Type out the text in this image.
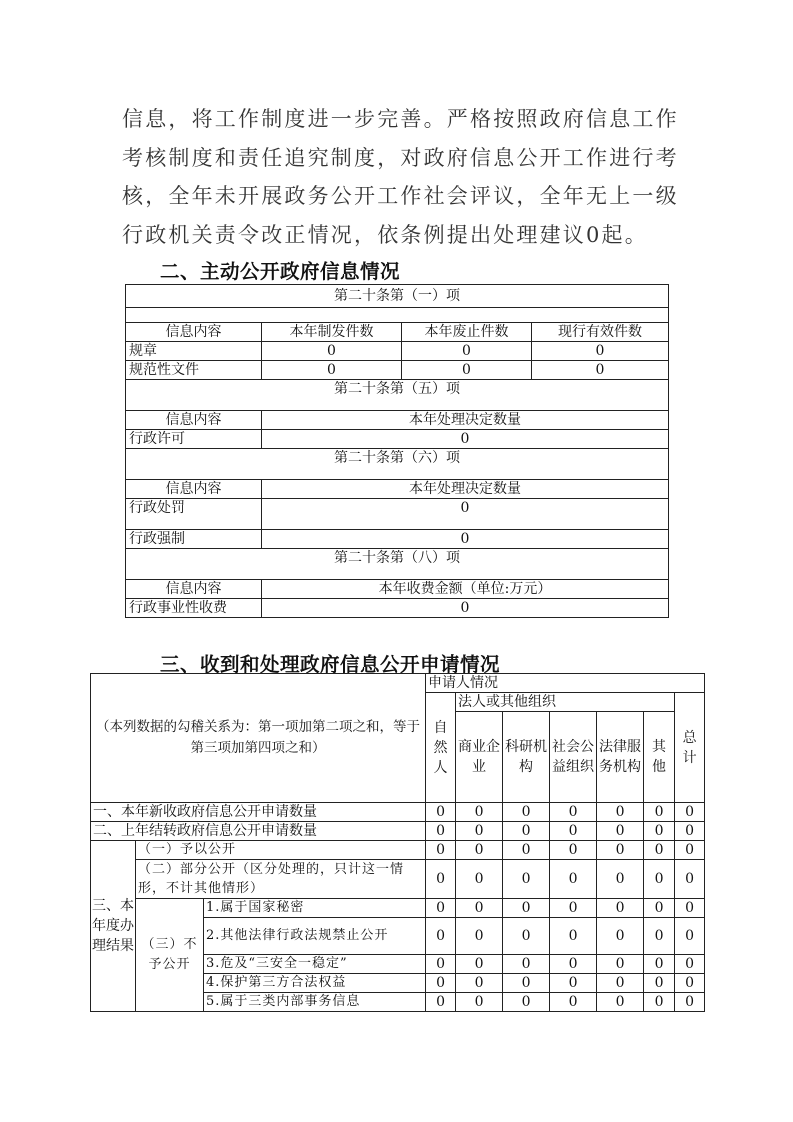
信息，将工作制度进一步完善。严格按照政府信息工作考核制度和责任追究制度，对政府信息公开工作进行考核，全年未开展政务公开工作社会评议，全年无上一级行政机关责令改正情况，依条例提出处理建议0起。
二、主动公开政府信息情况
第二十条第（一）项			

信息内容	本年制发件数	本年废止件数	现行有效件数
规章	0	0	0
规范性文件	0	0	0
第二十条第（五）项			
信息内容	本年处理决定数量		
行政许可	0		
第二十条第（六）项			
信息内容	本年处理决定数量		
行政处罚	0		
行政强制	0		
第二十条第（八）项			
信息内容	本年收费金额（单位:万元）		
行政事业性收费	0		
三、收到和处理政府信息公开申请情况
（本列数据的勾稽关系为：第一项加第二项之和，等于第三项加第四项之和）			申请人情况						
			自然人	法人或其他组织					总计
				商业企业	科研机构	社会公益组织	法律服务机构	其他	
一、本年新收政府信息公开申请数量			0	0	0	0	0	0	0
二、上年结转政府信息公开申请数量			0	0	0	0	0	0	0
三、本年度办理结果	（一）予以公开		0	0	0	0	0	0	0
	（二）部分公开（区分处理的，只计这一情形，不计其他情形）		0	0	0	0	0	0	0
	（三）不予公开	1.属于国家秘密	0	0	0	0	0	0	0
		2.其他法律行政法规禁止公开	0	0	0	0	0	0	0
		3.危及“三安全一稳定”	0	0	0	0	0	0	0
		4.保护第三方合法权益	0	0	0	0	0	0	0
		5.属于三类内部事务信息	0	0	0	0	0	0	0
